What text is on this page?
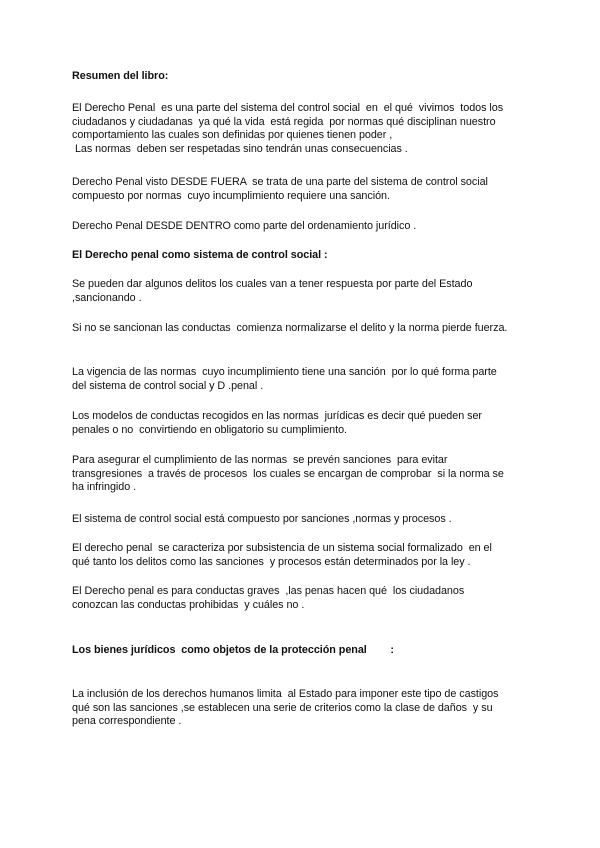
Resumen del libro:
El Derecho Penal  es una parte del sistema del control social  en  el qué  vivimos  todos los
ciudadanos y ciudadanas  ya qué la vida  está regida  por normas qué disciplinan nuestro
comportamiento las cuales son definidas por quienes tienen poder ,
Las normas  deben ser respetadas sino tendrán unas consecuencias .
Derecho Penal visto DESDE FUERA  se trata de una parte del sistema de control social
compuesto por normas  cuyo incumplimiento requiere una sanción.
Derecho Penal DESDE DENTRO como parte del ordenamiento jurídico .
El Derecho penal como sistema de control social :
Se pueden dar algunos delitos los cuales van a tener respuesta por parte del Estado
,sancionando .
Si no se sancionan las conductas  comienza normalizarse el delito y la norma pierde fuerza.
La vigencia de las normas  cuyo incumplimiento tiene una sanción  por lo qué forma parte
del sistema de control social y D .penal .
Los modelos de conductas recogidos en las normas  jurídicas es decir qué pueden ser
penales o no  convirtiendo en obligatorio su cumplimiento.
Para asegurar el cumplimiento de las normas  se prevén sanciones  para evitar
transgresiones  a través de procesos  los cuales se encargan de comprobar  si la norma se
ha infringido .
El sistema de control social está compuesto por sanciones ,normas y procesos .
El derecho penal  se caracteriza por subsistencia de un sistema social formalizado  en el
qué tanto los delitos como las sanciones  y procesos están determinados por la ley .
El Derecho penal es para conductas graves  ,las penas hacen qué  los ciudadanos
conozcan las conductas prohibidas  y cuáles no .
Los bienes jurídicos  como objetos de la protección penal        :
La inclusión de los derechos humanos limita  al Estado para imponer este tipo de castigos
qué son las sanciones ,se establecen una serie de criterios como la clase de daños  y su
pena correspondiente .
